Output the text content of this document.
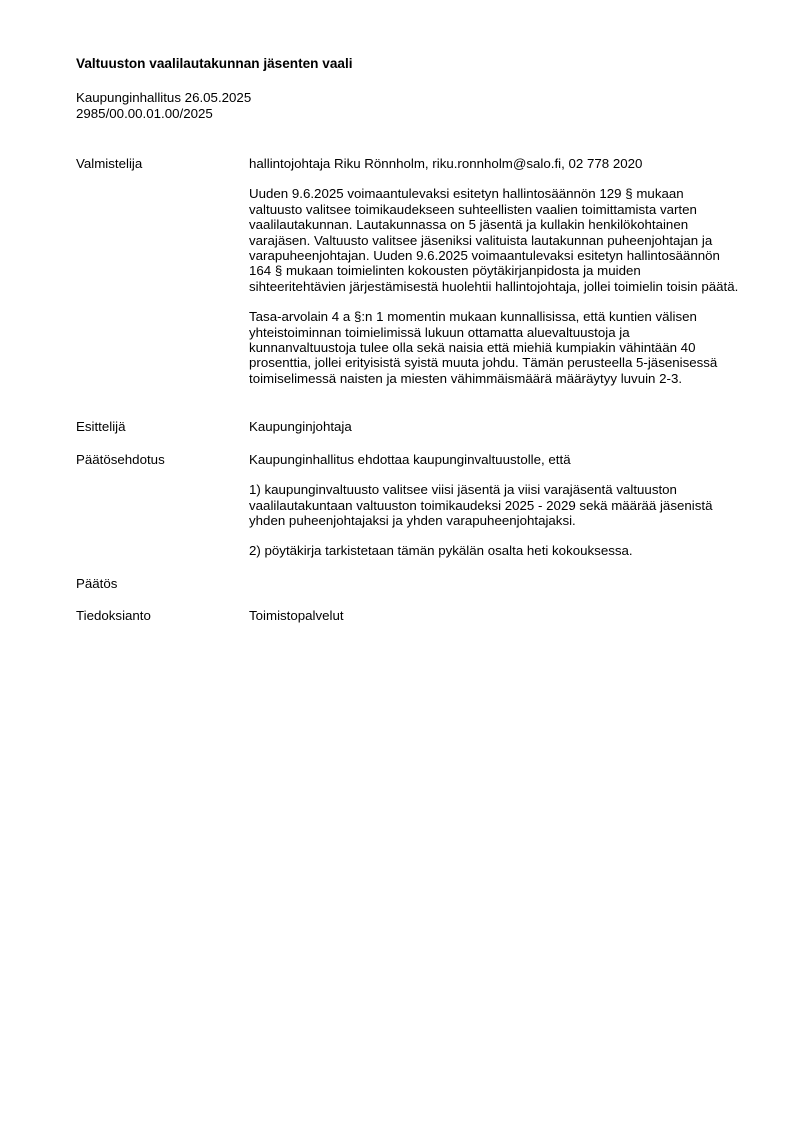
Valtuuston vaalilautakunnan jäsenten vaali

Kaupunginhallitus 26.05.2025

2985/00.00.01.00/2025

Valmistelija	hallintojohtaja Riku Rönnholm, riku.ronnholm@salo.fi, 02 778 2020

Uuden 9.6.2025 voimaantulevaksi esitetyn hallintosäännön 129 § mukaan valtuusto valitsee toimikaudekseen suhteellisten vaalien toimittamista varten vaalilautakunnan. Lautakunnassa on 5 jäsentä ja kullakin henkilökohtainen varajäsen. Valtuusto valitsee jäseniksi valituista lautakunnan puheenjohtajan ja varapuheenjohtajan. Uuden 9.6.2025 voimaantulevaksi esitetyn hallintosäännön 164 § mukaan toimielinten kokousten pöytäkirjanpidosta ja muiden sihteeritehtävien järjestämisestä huolehtii hallintojohtaja, jollei toimielin toisin päätä.

Tasa-arvolain 4 a §:n 1 momentin mukaan kunnallisissa, että kuntien välisen yhteistoiminnan toimielimissä lukuun ottamatta aluevaltuustoja ja kunnanvaltuustoja tulee olla sekä naisia että miehiä kumpiakin vähintään 40 prosenttia, jollei erityisistä syistä muuta johdu. Tämän perusteella 5-jäsenisessä toimiselimessä naisten ja miesten vähimmäismäärä määräytyy luvuin 2-3.

Esittelijä	Kaupunginjohtaja

Päätösehdotus	Kaupunginhallitus ehdottaa kaupunginvaltuustolle, että

1) kaupunginvaltuusto valitsee viisi jäsentä ja viisi varajäsentä valtuuston vaalilautakuntaan valtuuston toimikaudeksi 2025 - 2029 sekä määrää jäsenistä yhden puheenjohtajaksi ja yhden varapuheenjohtajaksi.

2) pöytäkirja tarkistetaan tämän pykälän osalta heti kokouksessa.

Päätös

Tiedoksianto	Toimistopalvelut
